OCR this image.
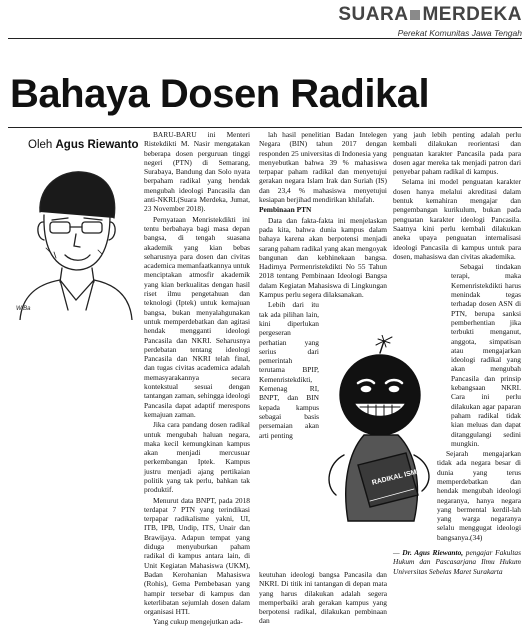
SUARA MERDEKA
Perekat Komunitas Jawa Tengah
Bahaya Dosen Radikal
Oleh Agus Riewanto
W.Ba

BARU-BARU ini Menteri Ristekdikti M. Nasir mengatakan beberapa dosen perguruan tinggi negeri (PTN) di Semarang, Surabaya, Bandung dan Solo nyata berpaham radikal yang hendak mengubah ideologi Pancasila dan anti-NKRI.(Suara Merdeka, Jumat, 23 November 2018).

Pernyataan Menristekdikti ini tentu berbahaya bagi masa depan bangsa, di tengah suasana akademik yang kian bebas seharusnya para dosen dan civitas academica memanfaatkannya untuk menciptakan atmosfir akademik yang kian berkualitas dengan hasil riset ilmu pengetahuan dan teknologi (Iptek) untuk kemajuan bangsa, bukan menyalahgunakan untuk memperdebatkan dan agitasi hendak mengganti ideologi Pancasila dan NKRI. Seharusnya perdebatan tentang ideologi Pancasila dan NKRI telah final, dan tugas civitas academica adalah memasyarakannya secara kontekstual sesuai dengan tantangan zaman, sehingga ideologi Pancasila dapat adaptif merespons kemajuan zaman.

Jika cara pandang dosen radikal untuk mengubah haluan negara, maka kecil kemungkinan kampus akan menjadi mercusuar perkembangan Iptek. Kampus justru menjadi ajang pertikaian politik yang tak perlu, bahkan tak produktif.

Menurut data BNPT, pada 2018 terdapat 7 PTN yang terindikasi terpapar radikalisme yakni, UI, ITB, IPB, Undip, ITS, Unair dan Brawijaya. Adapun tempat yang diduga menyuburkan paham radikal di kampus antara lain, di Unit Kegiatan Mahasiswa (UKM), Badan Kerohanian Mahasiswa (Rohis), Gema Pembebasan yang hampir tersebar di kampus dan keterlibatan sejumlah dosen dalam organisasi HTI.

Yang cukup mengejutkan ada-

lah hasil penelitian Badan Intelegen Negara (BIN) tahun 2017 dengan responden 25 universitas di Indonesia yang menyebutkan bahwa 39 % mahasiswa terpapar paham radikal dan menyetujui gerakan negara Islam Irak dan Suriah (IS) dan 23,4 % mahasiswa menyetujui kesiapan berjihad mendirikan khilafah.

Pembinaan PTN

Data dan fakta-fakta ini menjelaskan pada kita, bahwa dunia kampus dalam bahaya karena akan berpotensi menjadi sarang paham radikal yang akan mengoyak bangunan dan kebhinekaan bangsa. Hadirnya Permenristekdikti No 55 Tahun 2018 tentang Pembinaan Ideologi Bangsa dalam Kegiatan Mahasiswa di Lingkungan Kampus perlu segera dilaksanakan.

Lebih dari itu tak ada pilihan lain, kini diperlukan pergeseran perhatian yang serius dari pemerintah terutama BPIP, Kemenristekdikti, Kemenag RI, BNPT, dan BIN kepada kampus sebagai basis persemaian akan arti penting

keutuhan ideologi bangsa Pancasila dan NKRI. Di titik ini tantangan di depan mata yang harus dilakukan adalah segera memperbaiki arah gerakan kampus yang berpotensi radikal, dilakukan pembinaan dan

yang jauh lebih penting adalah perlu kembali dilakukan reorientasi dan penguatan karakter Pancasila pada para dosen agar mereka tak menjadi patron dari penyebar paham radikal di kampus.

Selama ini model penguatan karakter dosen hanya melalui akreditasi dalam bentuk kemahiran mengajar dan pengembangan kurikulum, bukan pada penguatan karakter ideologi Pancasila. Saatnya kini perlu kembali dilakukan aneka upaya penguatan internalisasi ideologi Pancasila di kampus untuk para dosen, mahasiswa dan civitas akademika.

Sebagai tindakan terapi, maka Kemenristekdikti harus menindak tegas terhadap dosen ASN di PTN, berupa sanksi pemberhentian jika terbukti menganut, anggota, simpatisan atau mengajarkan ideologi radikal yang akan mengubah Pancasila dan prinsip kebangsaan NKRI. Cara ini perlu dilakukan agar paparan paham radikal tidak kian meluas dan dapat ditanggulangi sedini mungkin.

Sejarah mengajarkan tidak ada negara besar di dunia yang terus memperdebatkan dan hendak mengubah ideologi negaranya, hanya negara yang bermental kerdil-lah yang warga negaranya selalu menggugat ideologi bangsanya.(34)

— Dr. Agus Riewanto, pengajar Fakultas Hukum dan Pascasarjana Ilmu Hukum Universitas Sebelas Maret Surakarta

RADIKAL ISME
